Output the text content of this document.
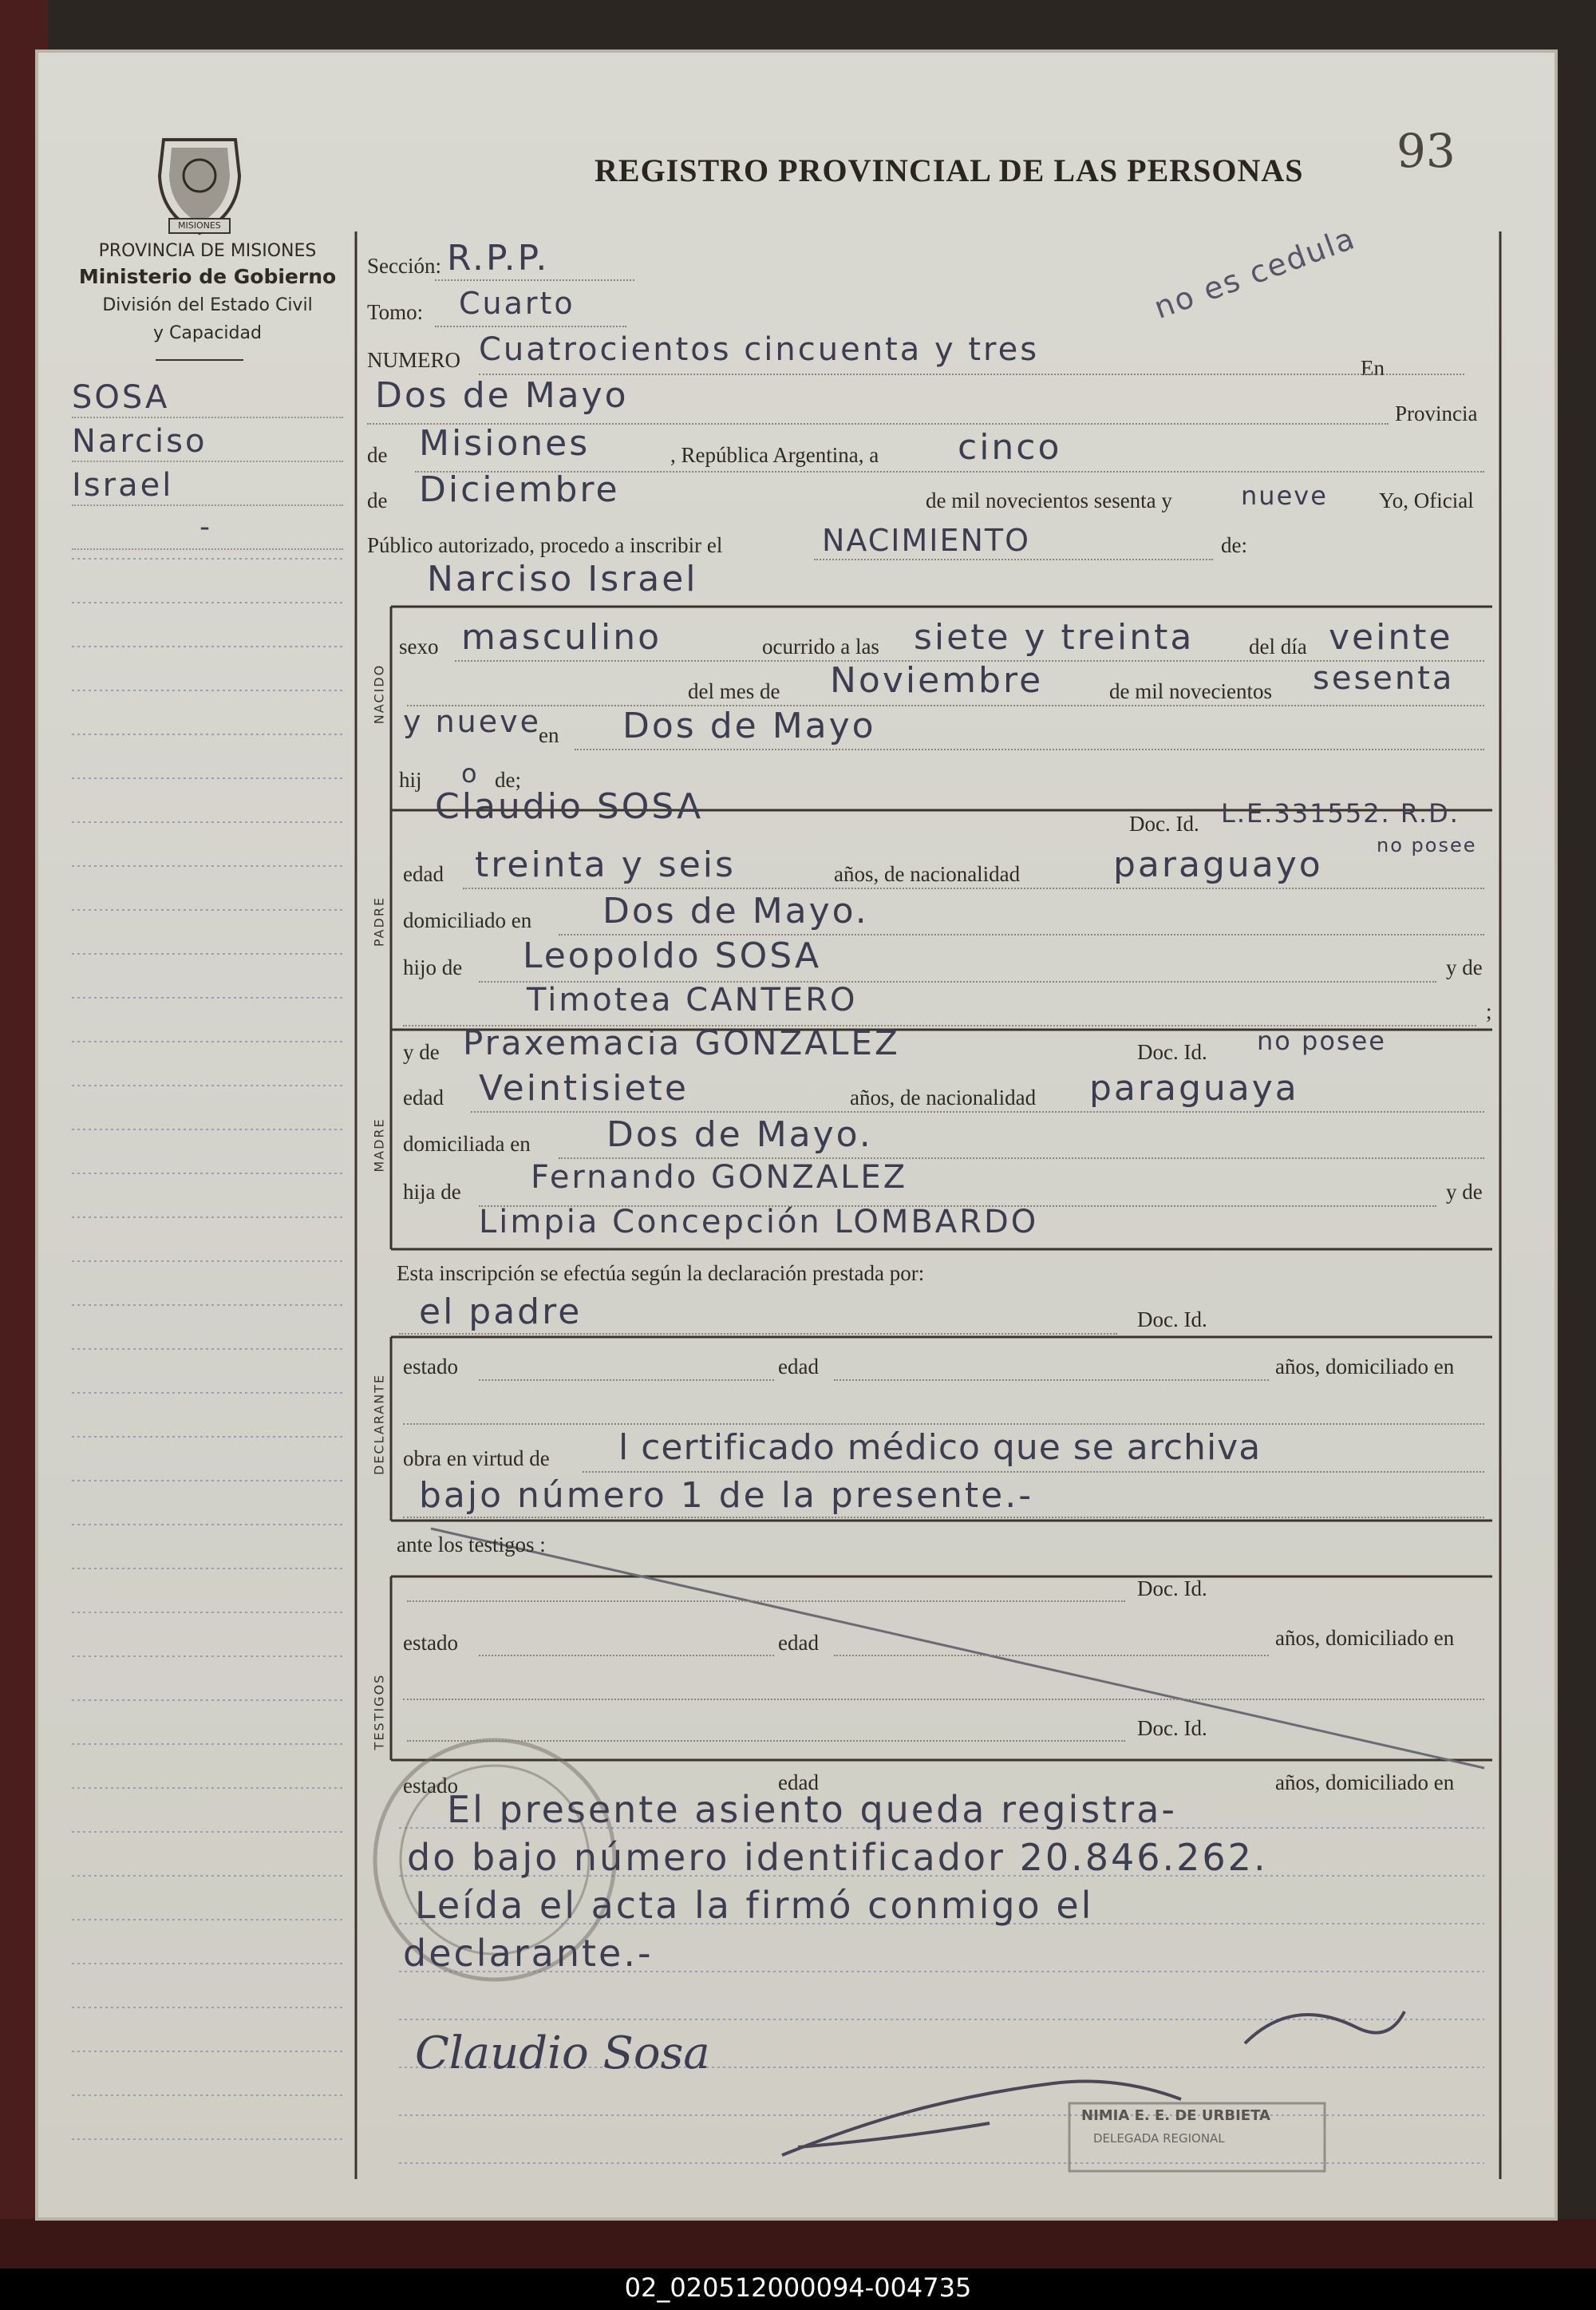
REGISTRO PROVINCIAL DE LAS PERSONAS 93
MISIONES
PROVINCIA DE MISIONES
Ministerio de Gobierno
División del Estado Civil
y Capacidad
SOSA
Narciso
Israel
-
no es cedula
Sección: R.P.P.
Tomo: Cuarto
NUMERO Cuatrocientos cincuenta y tres	En
Dos de Mayo	Provincia
de Misiones	, República Argentina, a cinco
de Diciembre	de mil novecientos sesenta y	nueve Yo, Oficial
Público autorizado, procedo a inscribir el	NACIMIENTO	de:
Narciso Israel
NACIDO
sexo masculino	ocurrido a las siete y treinta	del día veinte
del mes de Noviembre	de mil novecientos sesenta
y nueve
en Dos de Mayo
hij o de;
PADRE
Claudio SOSA	Doc. Id. L.E.331552. R.D.
edad treinta y seis	años, de nacionalidad	paraguayo	no posee
domiciliado en Dos de Mayo.
hijo de Leopoldo SOSA	y de
Timotea CANTERO	;
MADRE
y de Praxemacia GONZALEZ	Doc. Id. no posee
edad Veintisiete	años, de nacionalidad paraguaya
domiciliada en Dos de Mayo.
hija de Fernando GONZALEZ	y de
Limpia Concepción LOMBARDO
Esta inscripción se efectúa según la declaración prestada por:
DECLARANTE
el padre	Doc. Id.
estado	edad	años, domiciliado en
obra en virtud de l certificado médico que se archiva
bajo número 1 de la presente.-
ante los testigos :
TESTIGOS
Doc. Id.
estado	edad	años, domiciliado en
Doc. Id.
estado	edad	años, domiciliado en
El presente asiento queda registra-
do bajo número identificador 20.846.262.
Leída el acta la firmó conmigo el
declarante.-
Claudio Sosa
NIMIA E. E. DE URBIETA
DELEGADA REGIONAL
02_020512000094-004735
